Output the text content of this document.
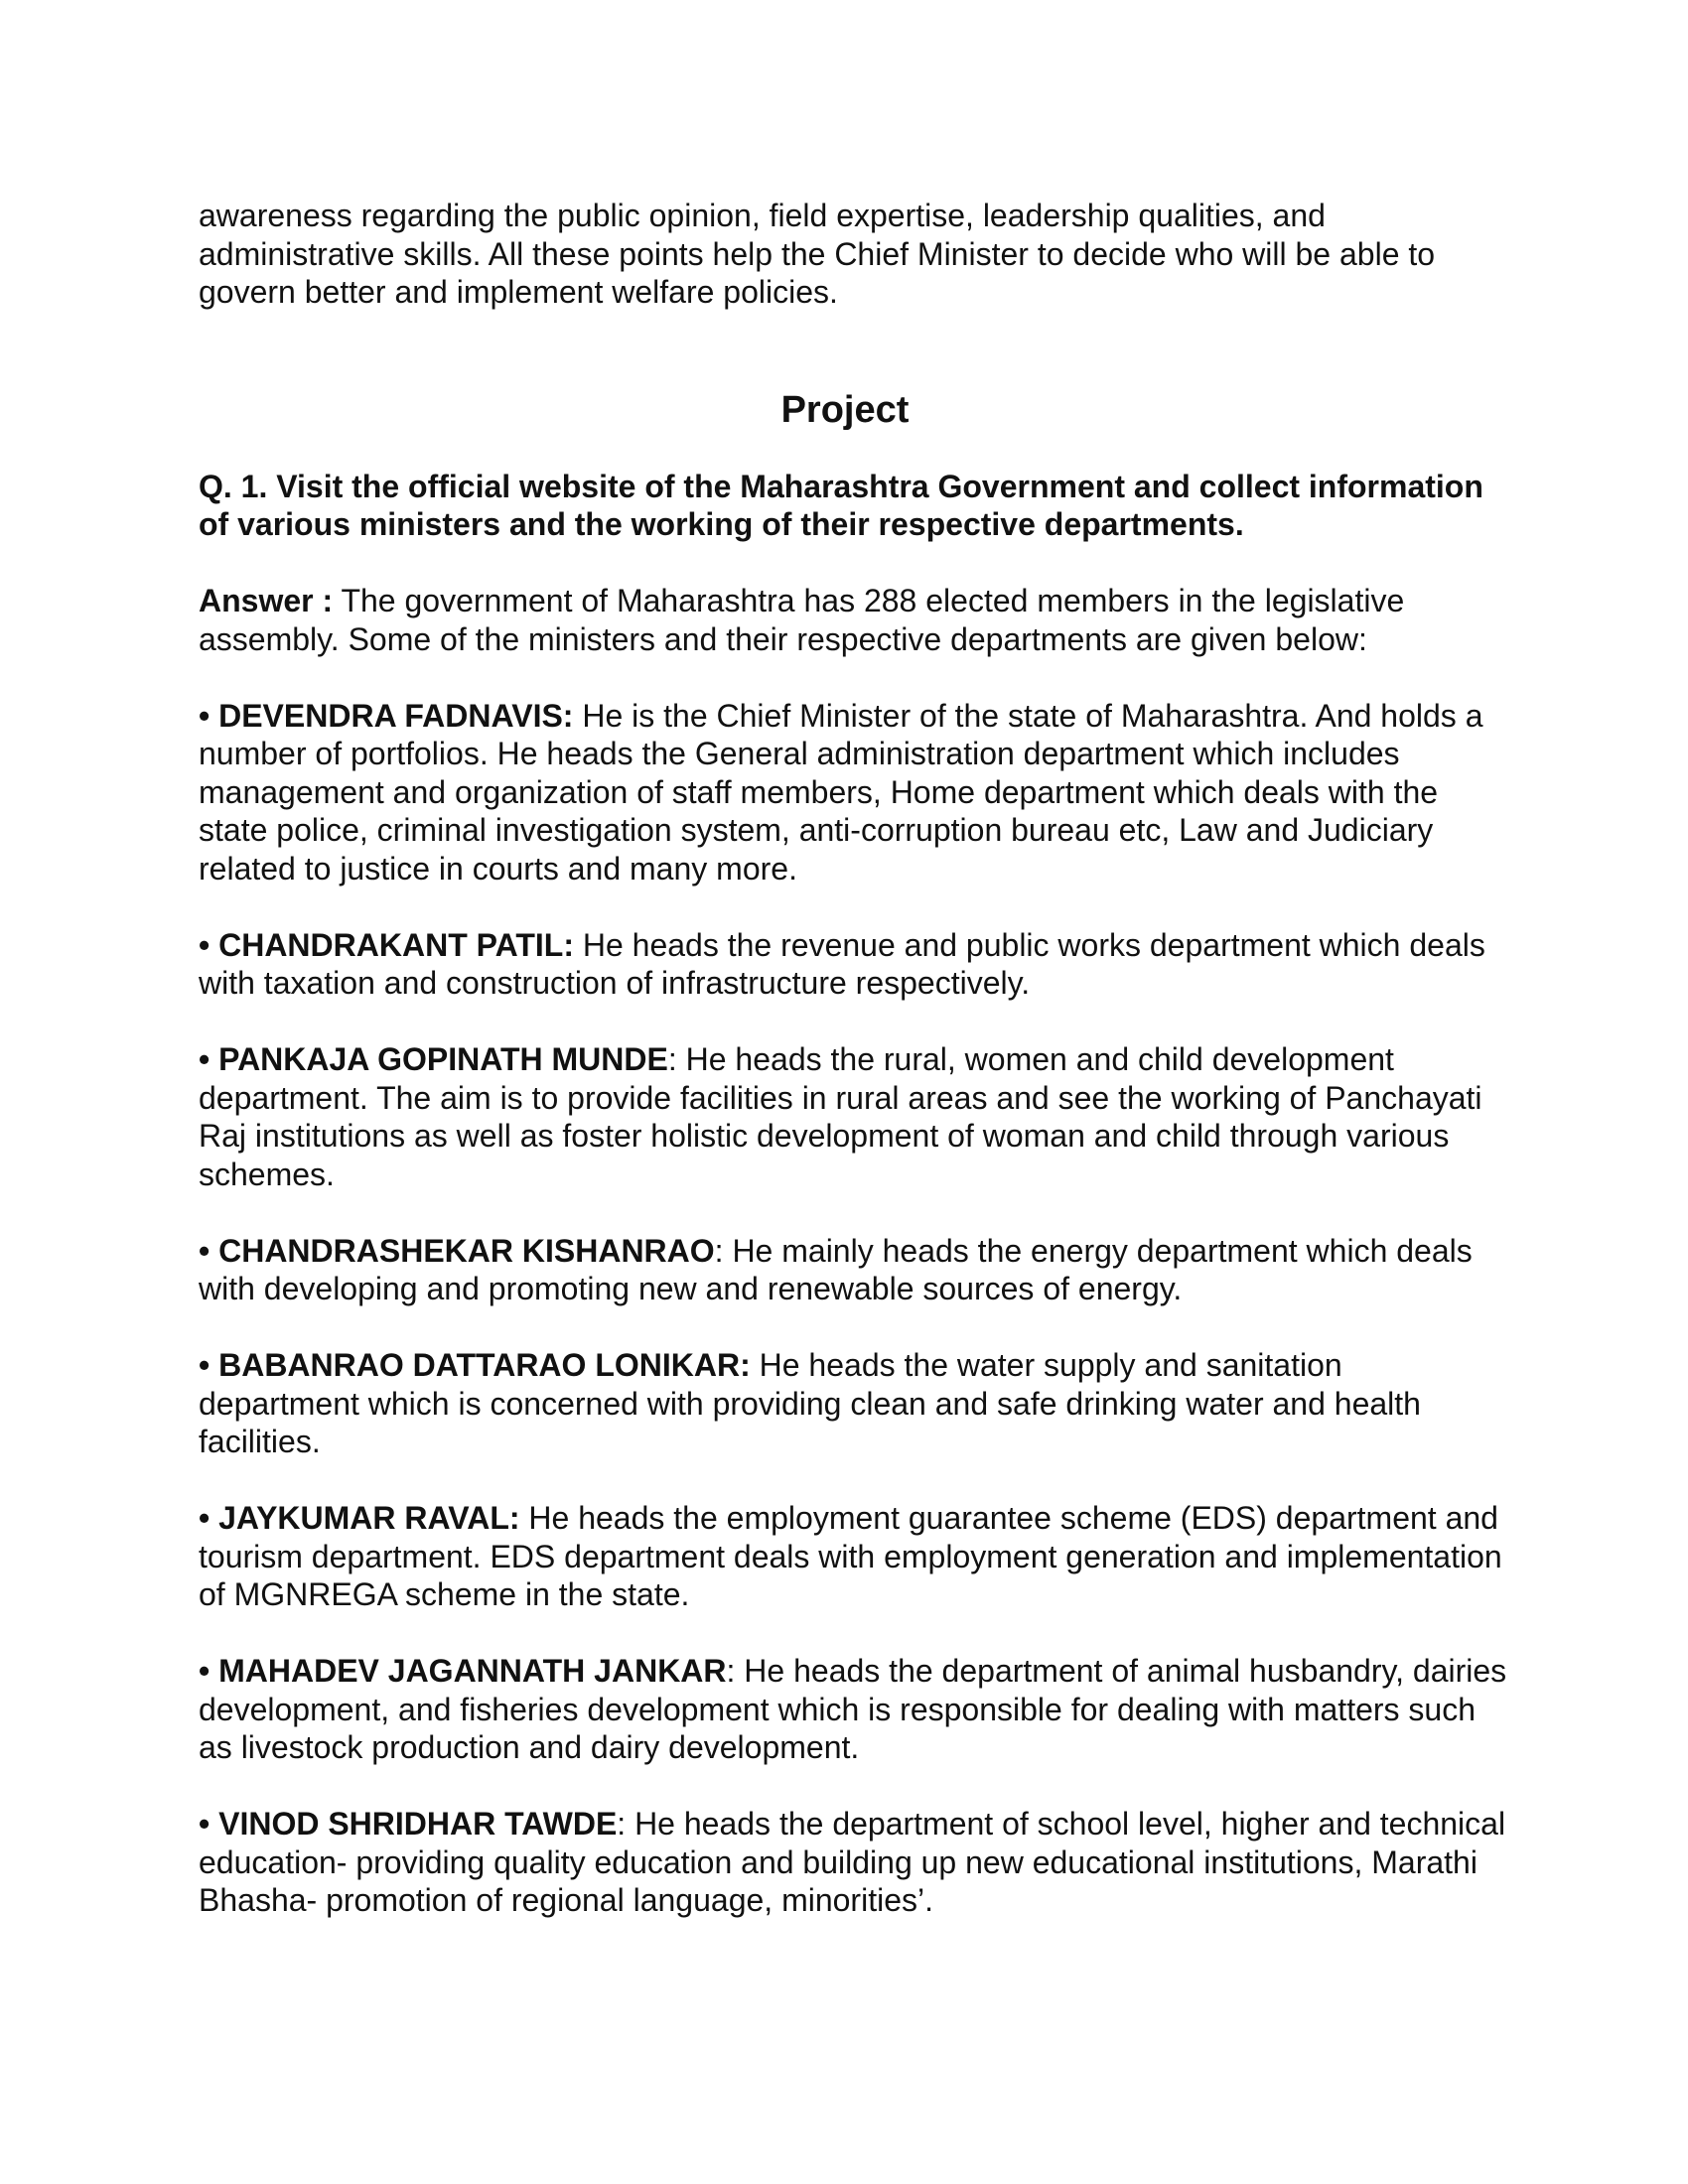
awareness regarding the public opinion, field expertise, leadership qualities, and administrative skills. All these points help the Chief Minister to decide who will be able to govern better and implement welfare policies.

Project

Q. 1. Visit the official website of the Maharashtra Government and collect information of various ministers and the working of their respective departments.

Answer : The government of Maharashtra has 288 elected members in the legislative assembly. Some of the ministers and their respective departments are given below:

• DEVENDRA FADNAVIS: He is the Chief Minister of the state of Maharashtra. And holds a number of portfolios. He heads the General administration department which includes management and organization of staff members, Home department which deals with the state police, criminal investigation system, anti-corruption bureau etc, Law and Judiciary related to justice in courts and many more.

• CHANDRAKANT PATIL: He heads the revenue and public works department which deals with taxation and construction of infrastructure respectively.

• PANKAJA GOPINATH MUNDE: He heads the rural, women and child development department. The aim is to provide facilities in rural areas and see the working of Panchayati Raj institutions as well as foster holistic development of woman and child through various schemes.

• CHANDRASHEKAR KISHANRAO: He mainly heads the energy department which deals with developing and promoting new and renewable sources of energy.

• BABANRAO DATTARAO LONIKAR: He heads the water supply and sanitation department which is concerned with providing clean and safe drinking water and health facilities.

• JAYKUMAR RAVAL: He heads the employment guarantee scheme (EDS) department and tourism department. EDS department deals with employment generation and implementation of MGNREGA scheme in the state.

• MAHADEV JAGANNATH JANKAR: He heads the department of animal husbandry, dairies development, and fisheries development which is responsible for dealing with matters such as livestock production and dairy development.

• VINOD SHRIDHAR TAWDE: He heads the department of school level, higher and technical education- providing quality education and building up new educational institutions, Marathi Bhasha- promotion of regional language, minorities’.
